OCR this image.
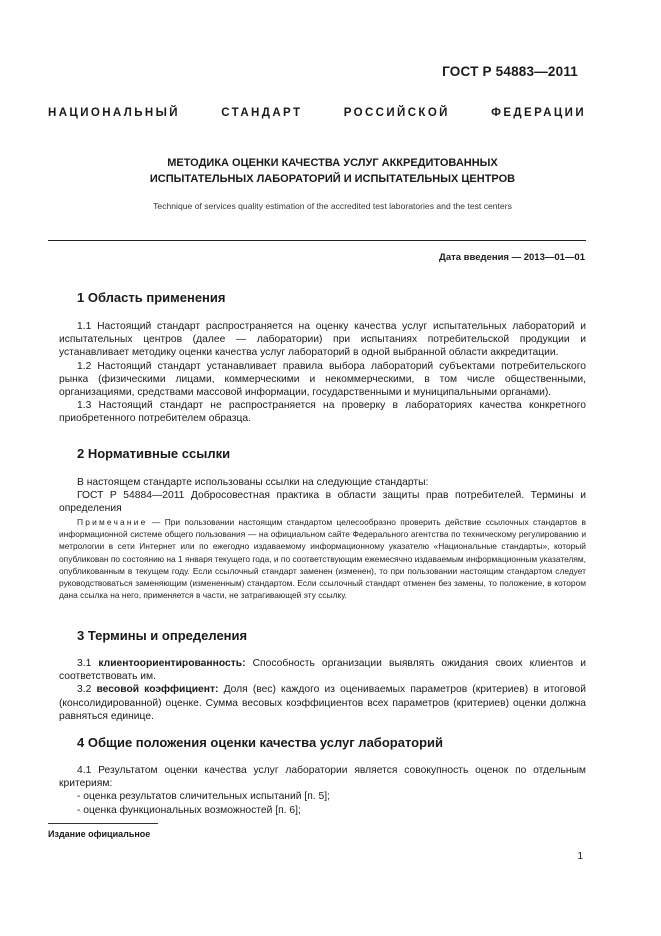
ГОСТ Р 54883—2011
НАЦИОНАЛЬНЫЙ	СТАНДАРТ	РОССИЙСКОЙ	ФЕДЕРАЦИИ
МЕТОДИКА ОЦЕНКИ КАЧЕСТВА УСЛУГ АККРЕДИТОВАННЫХ
ИСПЫТАТЕЛЬНЫХ ЛАБОРАТОРИЙ И ИСПЫТАТЕЛЬНЫХ ЦЕНТРОВ
Technique of services quality estimation of the accredited test laboratories and the test centers
Дата введения — 2013—01—01
1 Область применения
1.1 Настоящий стандарт распространяется на оценку качества услуг испытательных лабораторий и испытательных центров (далее — лаборатории) при испытаниях потребительской продукции и устанавливает методику оценки качества услуг лабораторий в одной выбранной области аккредитации.
1.2 Настоящий стандарт устанавливает правила выбора лабораторий субъектами потребительского рынка (физическими лицами, коммерческими и некоммерческими, в том числе общественными, организациями, средствами массовой информации, государственными и муниципальными органами).
1.3 Настоящий стандарт не распространяется на проверку в лабораториях качества конкретного приобретенного потребителем образца.
2 Нормативные ссылки
В настоящем стандарте использованы ссылки на следующие стандарты:
ГОСТ Р 54884—2011 Добросовестная практика в области защиты прав потребителей. Термины и определения
Примечание — При пользовании настоящим стандартом целесообразно проверить действие ссылочных стандартов в информационной системе общего пользования — на официальном сайте Федерального агентства по техническому регулированию и метрологии в сети Интернет или по ежегодно издаваемому информационному указателю «Национальные стандарты», который опубликован по состоянию на 1 января текущего года, и по соответствующим ежемесячно издаваемым информационным указателям, опубликованным в текущем году. Если ссылочный стандарт заменен (изменен), то при пользовании настоящим стандартом следует руководствоваться заменяющим (измененным) стандартом. Если ссылочный стандарт отменен без замены, то положение, в котором дана ссылка на него, применяется в части, не затрагивающей эту ссылку.
3 Термины и определения
3.1 клиентоориентированность: Способность организации выявлять ожидания своих клиентов и соответствовать им.
3.2 весовой коэффициент: Доля (вес) каждого из оцениваемых параметров (критериев) в итоговой (консолидированной) оценке. Сумма весовых коэффициентов всех параметров (критериев) оценки должна равняться единице.
4 Общие положения оценки качества услуг лабораторий
4.1 Результатом оценки качества услуг лаборатории является совокупность оценок по отдельным критериям:
- оценка результатов сличительных испытаний [п. 5];
- оценка функциональных возможностей [п. 6];
Издание официальное
1
